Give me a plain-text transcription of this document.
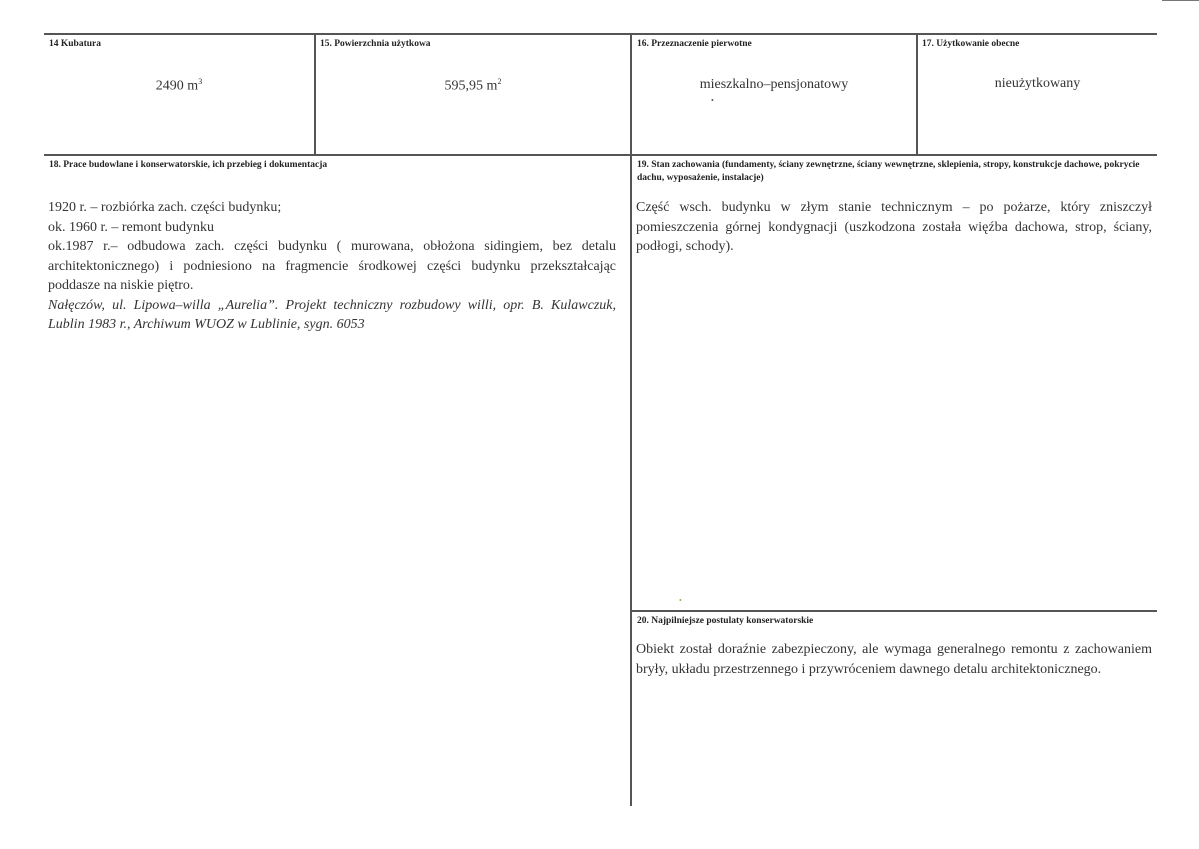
14 Kubatura
2490 $m^3$
15. Powierzchnia użytkowa
595,95 $m^2$
16. Przeznaczenie pierwotne
mieszkalno–pensjonatowy
•
17. Użytkowanie obecne
nieużytkowany
18. Prace budowlane i konserwatorskie, ich przebieg i dokumentacja

1920 r. – rozbiórka zach. części budynku;

ok. 1960 r. – remont budynku

ok.1987 r.– odbudowa zach. części budynku ( murowana, obłożona sidingiem, bez detalu architektonicznego) i podniesiono na fragmencie środkowej części budynku przekształcając poddasze na niskie piętro.

Nałęczów, ul. Lipowa–willa „Aurelia”. Projekt techniczny rozbudowy willi, opr. B. Kulawczuk, Lublin 1983 r., Archiwum WUOZ w Lublinie, sygn. 6053

19. Stan zachowania (fundamenty, ściany zewnętrzne, ściany wewnętrzne, sklepienia, stropy, konstrukcje dachowe, pokrycie dachu, wyposażenie, instalacje)
Część wsch. budynku w złym stanie technicznym – po pożarze, który zniszczył pomieszczenia górnej kondygnacji (uszkodzona została więźba dachowa, strop, ściany, podłogi, schody).
•
20. Najpilniejsze postulaty konserwatorskie
Obiekt został doraźnie zabezpieczony, ale wymaga generalnego remontu z zachowaniem bryły, układu przestrzennego i przywróceniem dawnego detalu architektonicznego.
